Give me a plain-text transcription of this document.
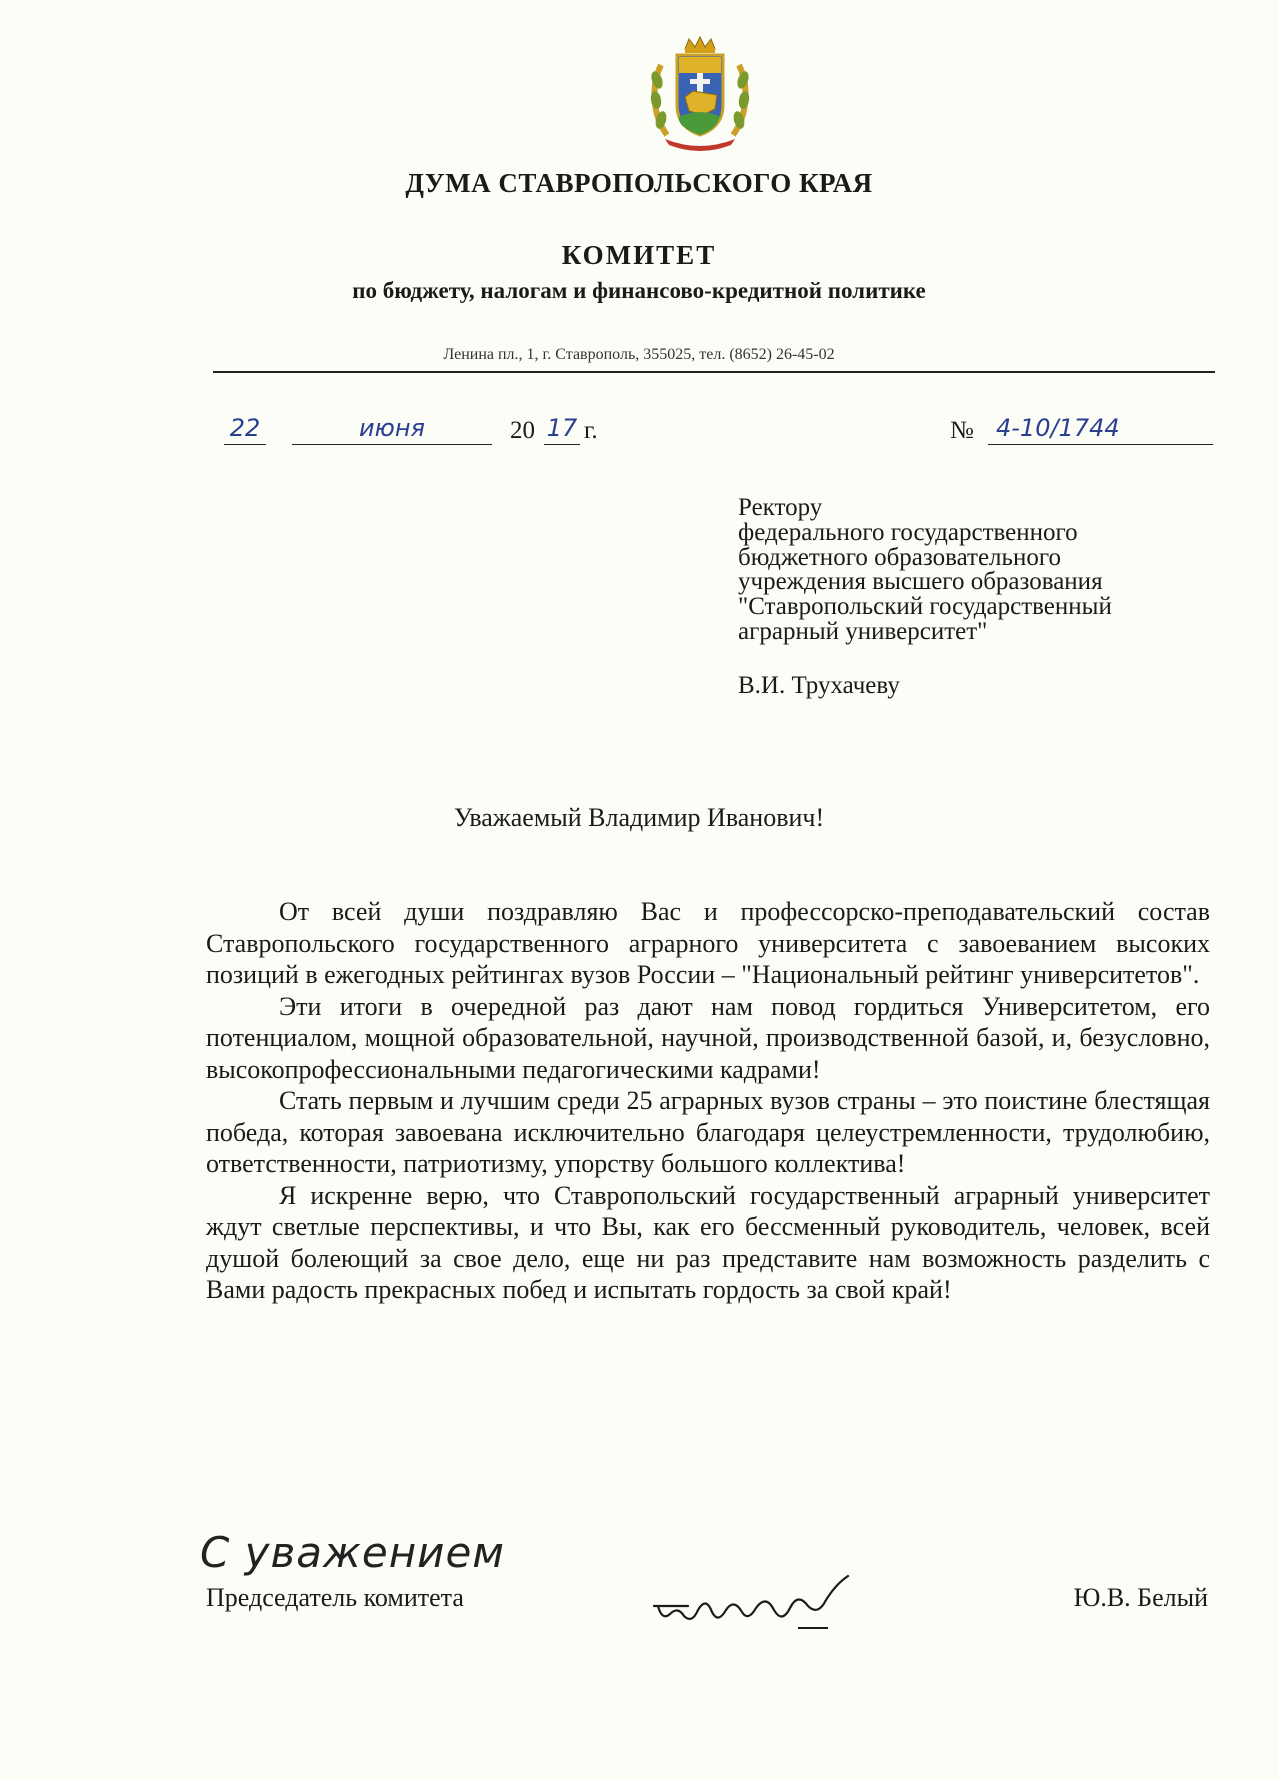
ДУМА СТАВРОПОЛЬСКОГО КРАЯ
КОМИТЕТ
по бюджету, налогам и финансово-кредитной политике
Ленина пл., 1, г. Ставрополь, 355025, тел. (8652) 26-45-02
22	июня	20 17 г.	№ 4-10/1744
Ректору
федерального государственного
бюджетного образовательного
учреждения высшего образования
"Ставропольский государственный
аграрный университет"
В.И. Трухачеву
Уважаемый Владимир Иванович!

От всей души поздравляю Вас и профессорско-преподавательский состав Ставропольского государственного аграрного университета с завоеванием высоких позиций в ежегодных рейтингах вузов России – "Национальный рейтинг университетов".

Эти итоги в очередной раз дают нам повод гордиться Университетом, его потенциалом, мощной образовательной, научной, производственной базой, и, безусловно, высокопрофессиональными педагогическими кадрами!

Стать первым и лучшим среди 25 аграрных вузов страны – это поистине блестящая победа, которая завоевана исключительно благодаря целеустремленности, трудолюбию, ответственности, патриотизму, упорству большого коллектива!

Я искренне верю, что Ставропольский государственный аграрный университет ждут светлые перспективы, и что Вы, как его бессменный руководитель, человек, всей душой болеющий за свое дело, еще ни раз представите нам возможность разделить с Вами радость прекрасных побед и испытать гордость за свой край!

С уважением
Председатель комитета	Ю.В. Белый
